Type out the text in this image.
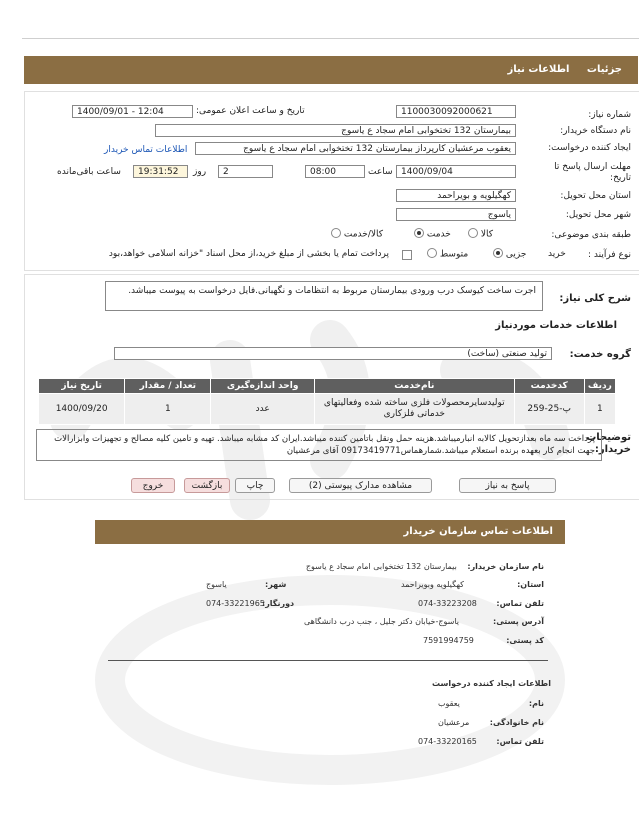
جزئیات اطلاعات نیاز
شماره نیاز:
1100030092000621
تاریخ و ساعت اعلان عمومی:
1400/09/01 - 12:04
نام دستگاه خریدار:
بیمارستان 132 تختخوابی امام سجاد ع یاسوج
ایجاد کننده درخواست:
یعقوب مرعشیان کارپرداز بیمارستان 132 تختخوابی امام سجاد ع یاسوج
اطلاعات تماس خریدار
مهلت ارسال پاسخ تا تاریخ:
1400/09/04
ساعت
08:00
2
روز
19:31:52
ساعت باقی‌مانده
استان محل تحویل:
کهگیلویه و بویراحمد
شهر محل تحویل:
یاسوج
طبقه بندی موضوعی:
کالا
خدمت
کالا/خدمت
نوع فرآیند :
خرید
جزیی
متوسط
پرداخت تمام یا بخشی از مبلغ خرید،از محل اسناد "خزانه اسلامی خواهد،بود
شرح کلی نیاز:
اجرت ساخت کیوسک درب ورودی بیمارستان مربوط به انتظامات و نگهبانی.فایل درخواست به پیوست میباشد.
اطلاعات خدمات موردنیاز
گروه خدمت:
تولید صنعتی (ساخت)
ردیف	کدخدمت	نام‌خدمت	واحد اندازه‌گیری	تعداد / مقدار	تاریخ نیاز
1	پ-25-259	تولیدسایرمحصولات فلزی ساخته شده وفعالیتهای خدماتی فلزکاری	عدد	1	1400/09/20
توضیحات خریدار:
پرداخت سه ماه بعدازتحویل کالابه انبارمیباشد.هزینه حمل ونقل باتامین کننده میباشد.ایران کد مشابه میباشد. تهیه و تامین کلیه مصالح و تجهیزات وابزارالات جهت انجام کار بعهده برنده استعلام میباشد.شمارهماس09173419771 آقای مرعشیان
پاسخ به نیاز
مشاهده مدارک پیوستی (2)
چاپ
بازگشت
خروج
اطلاعات تماس سازمان خریدار
نام سازمان خریدار: بیمارستان 132 تختخوابی امام سجاد ع یاسوج
استان:
کهگیلویه وبویراحمد
شهر:
یاسوج
تلفن تماس:
074-33223208
دورنگار:
074-33221965
آدرس پستی:
یاسوج-خیابان دکتر جلیل ، جنب درب دانشگاهی
کد پستی:
7591994759
اطلاعات ایجاد کننده درخواست
نام:
یعقوب
نام خانوادگی:
مرعشیان
تلفن تماس:
074-33220165
